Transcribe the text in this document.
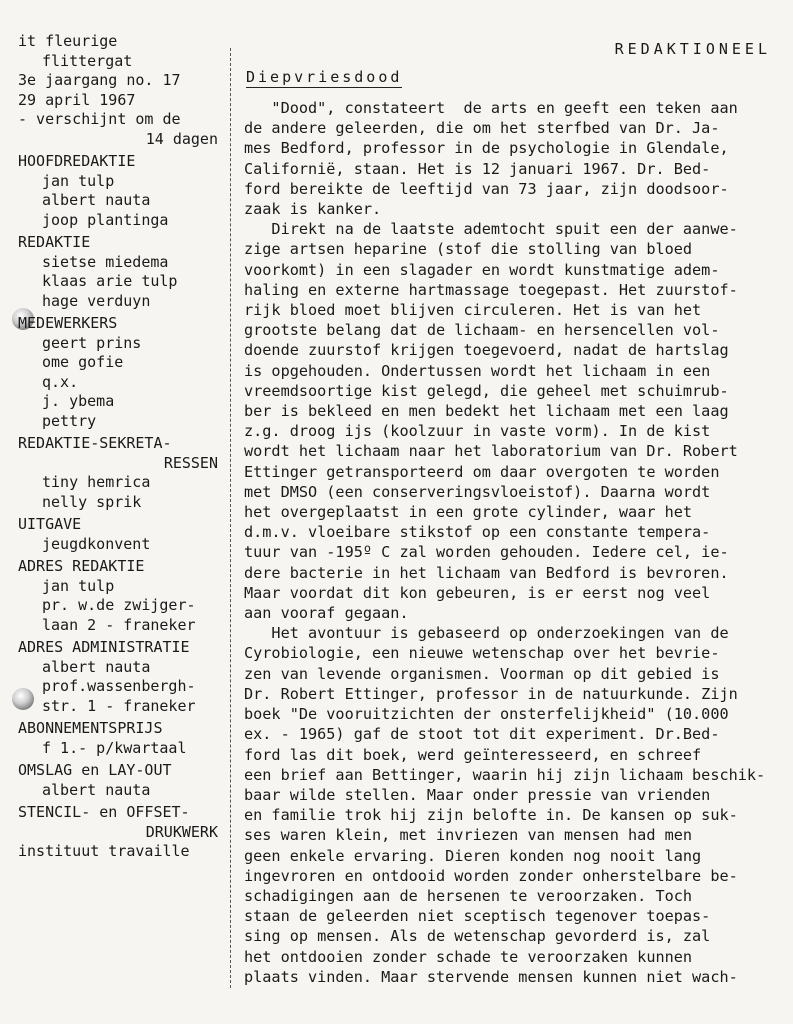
it fleurige
flittergat
3e jaargang no. 17
29 april 1967
- verschijnt om de
14 dagen
HOOFDREDAKTIE
jan tulp
albert nauta
joop plantinga
REDAKTIE
sietse miedema
klaas arie tulp
hage verduyn
MEDEWERKERS
geert prins
ome gofie
q.x.
j. ybema
pettry
REDAKTIE-SEKRETA-
RESSEN
tiny hemrica
nelly sprik
UITGAVE
jeugdkonvent
ADRES REDAKTIE
jan tulp
pr. w.de zwijger-
laan 2 - franeker
ADRES ADMINISTRATIE
albert nauta
prof.wassenbergh-
str. 1 - franeker
ABONNEMENTSPRIJS
f 1.- p/kwartaal
OMSLAG en LAY-OUT
albert nauta
STENCIL- en OFFSET-
DRUKWERK
instituut travaille
REDAKTIONEEL
Diepvriesdood
"Dood", constateert  de arts en geeft een teken aan
de andere geleerden, die om het sterfbed van Dr. Ja-
mes Bedford, professor in de psychologie in Glendale,
Californië, staan. Het is 12 januari 1967. Dr. Bed-
ford bereikte de leeftijd van 73 jaar, zijn doodsoor-
zaak is kanker.
Direkt na de laatste ademtocht spuit een der aanwe-
zige artsen heparine (stof die stolling van bloed
voorkomt) in een slagader en wordt kunstmatige adem-
haling en externe hartmassage toegepast. Het zuurstof-
rijk bloed moet blijven circuleren. Het is van het
grootste belang dat de lichaam- en hersencellen vol-
doende zuurstof krijgen toegevoerd, nadat de hartslag
is opgehouden. Ondertussen wordt het lichaam in een
vreemdsoortige kist gelegd, die geheel met schuimrub-
ber is bekleed en men bedekt het lichaam met een laag
z.g. droog ijs (koolzuur in vaste vorm). In de kist
wordt het lichaam naar het laboratorium van Dr. Robert
Ettinger getransporteerd om daar overgoten te worden
met DMSO (een conserveringsvloeistof). Daarna wordt
het overgeplaatst in een grote cylinder, waar het
d.m.v. vloeibare stikstof op een constante tempera-
tuur van -195º C zal worden gehouden. Iedere cel, ie-
dere bacterie in het lichaam van Bedford is bevroren.
Maar voordat dit kon gebeuren, is er eerst nog veel
aan vooraf gegaan.
Het avontuur is gebaseerd op onderzoekingen van de
Cyrobiologie, een nieuwe wetenschap over het bevrie-
zen van levende organismen. Voorman op dit gebied is
Dr. Robert Ettinger, professor in de natuurkunde. Zijn
boek "De vooruitzichten der onsterfelijkheid" (10.000
ex. - 1965) gaf de stoot tot dit experiment. Dr.Bed-
ford las dit boek, werd geïnteresseerd, en schreef
een brief aan Bettinger, waarin hij zijn lichaam beschik-
baar wilde stellen. Maar onder pressie van vrienden
en familie trok hij zijn belofte in. De kansen op suk-
ses waren klein, met invriezen van mensen had men
geen enkele ervaring. Dieren konden nog nooit lang
ingevroren en ontdooid worden zonder onherstelbare be-
schadigingen aan de hersenen te veroorzaken. Toch
staan de geleerden niet sceptisch tegenover toepas-
sing op mensen. Als de wetenschap gevorderd is, zal
het ontdooien zonder schade te veroorzaken kunnen
plaats vinden. Maar stervende mensen kunnen niet wach-
